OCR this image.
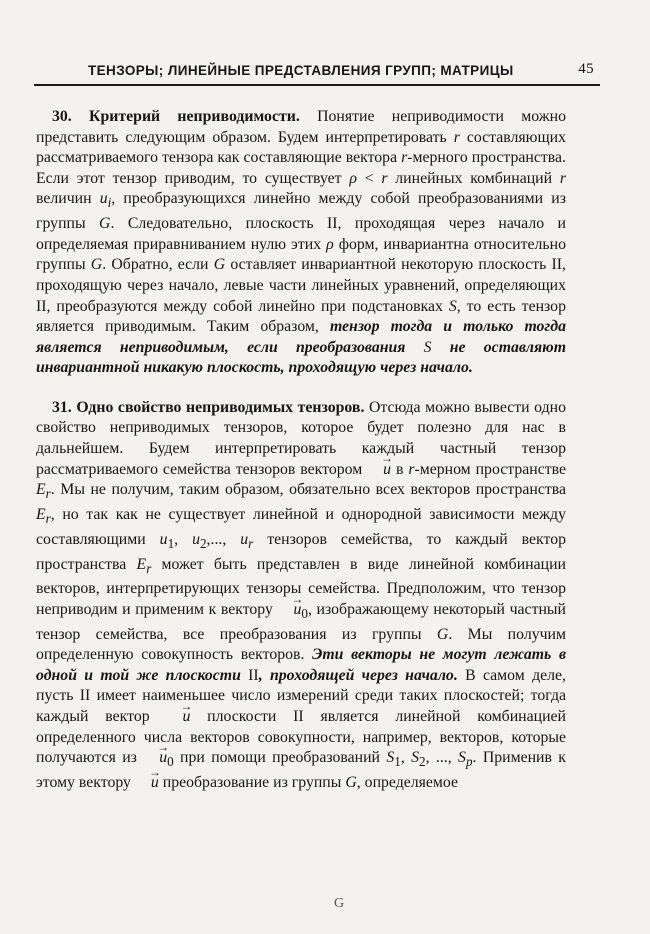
ТЕНЗОРЫ; ЛИНЕЙНЫЕ ПРЕДСТАВЛЕНИЯ ГРУПП; МАТРИЦЫ	45

30. Критерий неприводимости. Понятие неприводимости можно представить следующим образом. Будем интерпретировать r составляющих рассматриваемого тензора как составляющие вектора r-мерного пространства. Если этот тензор приводим, то существует ρ < r линейных комбинаций r величин $u_i$, преобразующихся линейно между собой преобразованиями из группы G. Следовательно, плоскость II, проходящая через начало и определяемая приравниванием нулю этих ρ форм, инвариантна относительно группы G. Обратно, если G оставляет инвариантной некоторую плоскость II, проходящую через начало, левые части линейных уравнений, определяющих II, преобразуются между собой линейно при подстановках S, то есть тензор является приводимым. Таким образом, тензор тогда и только тогда является неприводимым, если преобразования S не оставляют инвариантной никакую плоскость, проходящую через начало.

31. Одно свойство неприводимых тензоров. Отсюда можно вывести одно свойство неприводимых тензоров, которое будет полезно для нас в дальнейшем. Будем интерпретировать каждый частный тензор рассматриваемого семейства тензоров вектором → u в r-мерном пространстве $E_r$. Мы не получим, таким образом, обязательно всех векторов пространства $E_r$, но так как не существует линейной и однородной зависимости между составляющими $u_1$, $u_2$,..., $u_r$ тензоров семейства, то каждый вектор пространства $E_r$ может быть представлен в виде линейной комбинации векторов, интерпретирующих тензоры семейства. Предположим, что тензор неприводим и применим к вектору → $u_0$, изображающему некоторый частный тензор семейства, все преобразования из группы G. Мы получим определенную совокупность векторов. Эти векторы не могут лежать в одной и той же плоскости II, проходящей через начало. В самом деле, пусть II имеет наименьшее число измерений среди таких плоскостей; тогда каждый вектор → u плоскости II является линейной комбинацией определенного числа векторов совокупности, например, векторов, которые получаются из → $u_0$ при помощи преобразований $S_1$, $S_2$, ..., $S_p$. Применив к этому вектору → u преобразование из группы G, определяемое

G
